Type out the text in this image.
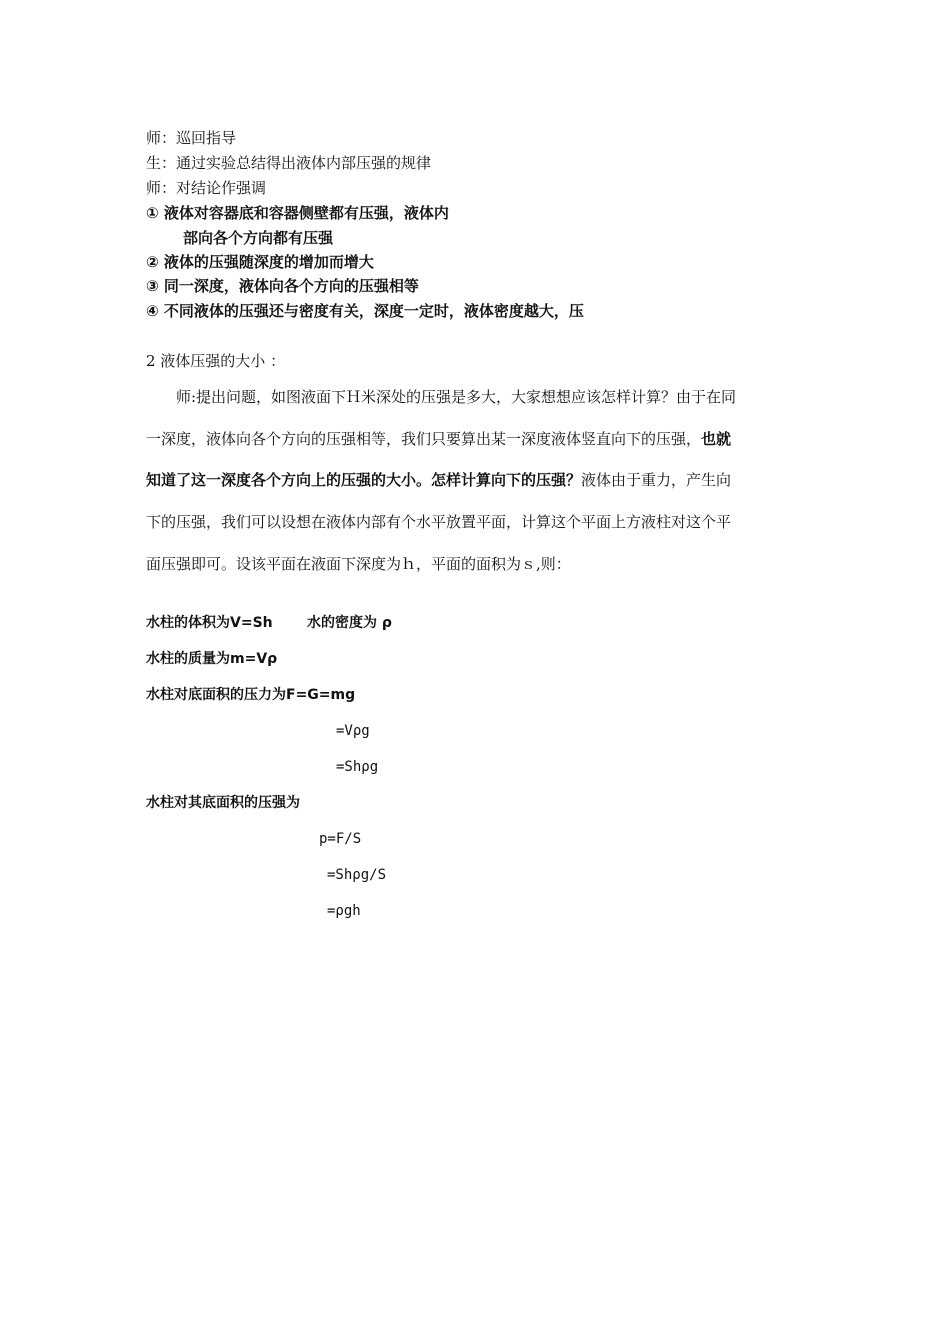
师：巡回指导
生：通过实验总结得出液体内部压强的规律
师：对结论作强调
① 液体对容器底和容器侧壁都有压强，液体内
部向各个方向都有压强
② 液体的压强随深度的增加而增大
③ 同一深度，液体向各个方向的压强相等
④ 不同液体的压强还与密度有关，深度一定时，液体密度越大，压
2 液体压强的大小 ：
师:提出问题，如图液面下Ｈ米深处的压强是多大，大家想想应该怎样计算？由于在同
一深度，液体向各个方向的压强相等，我们只要算出某一深度液体竖直向下的压强，也就
知道了这一深度各个方向上的压强的大小。怎样计算向下的压强？液体由于重力，产生向
下的压强，我们可以设想在液体内部有个水平放置平面，计算这个平面上方液柱对这个平
面压强即可。设该平面在液面下深度为ｈ，平面的面积为ｓ,则：
水柱的体积为V=Sh 水的密度为 ρ
水柱的质量为m=Vρ
水柱对底面积的压力为F=G=mg
=Vρg
=Shρg
水柱对其底面积的压强为
p=F/S
=Shρg/S
=ρgh
